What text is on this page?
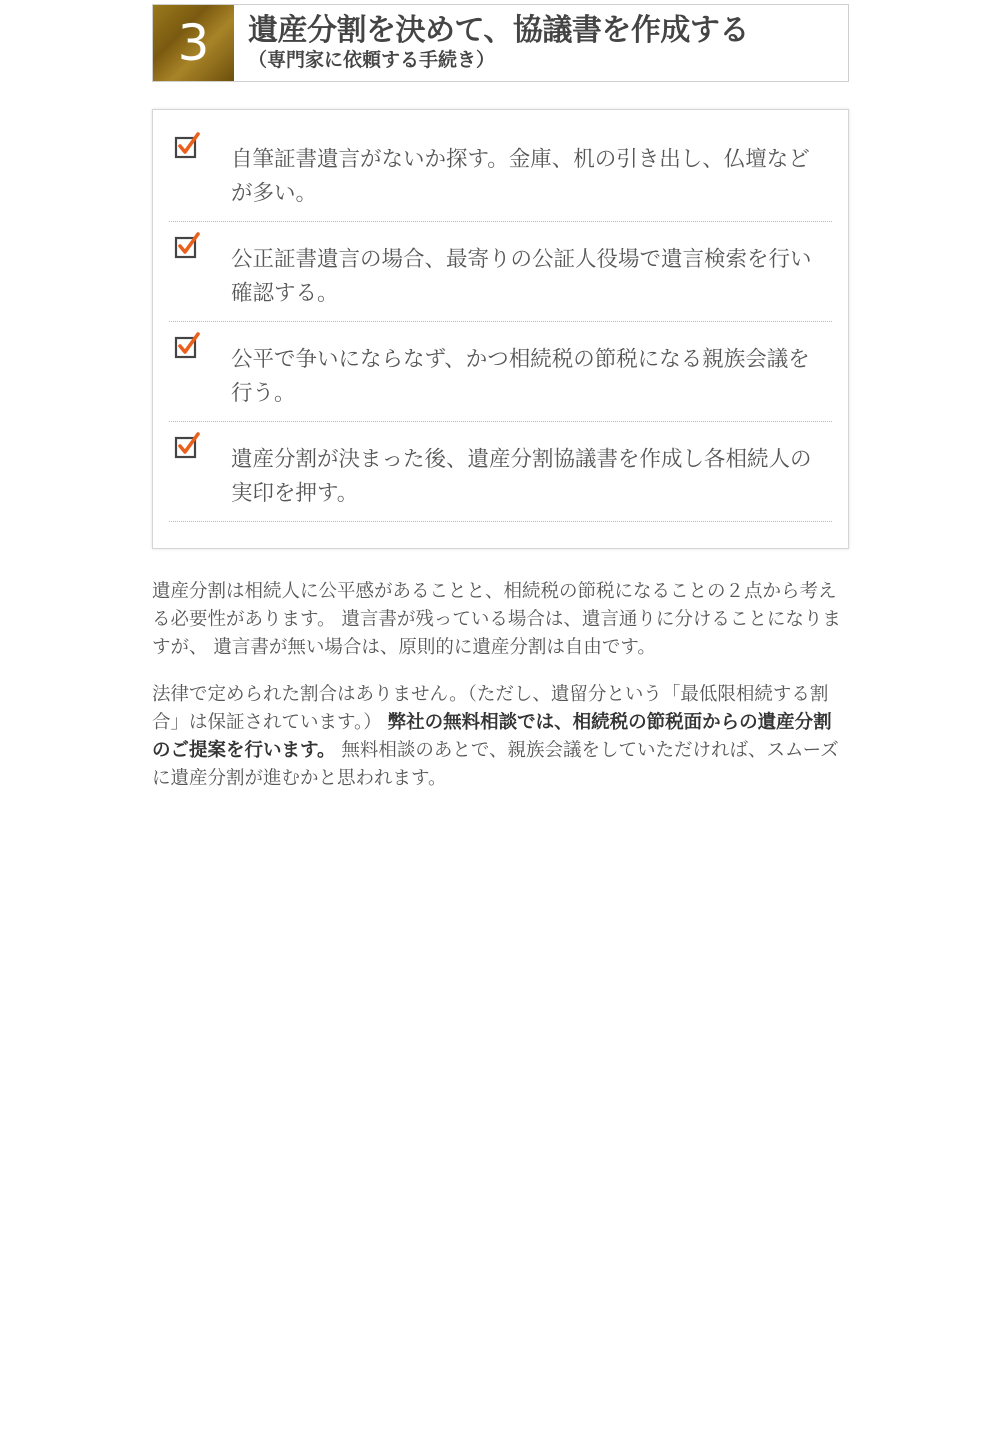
3	遺産分割を決めて、協議書を作成する
（専門家に依頼する手続き）
自筆証書遺言がないか探す。金庫、机の引き出し、仏壇などが多い。
公正証書遺言の場合、最寄りの公証人役場で遺言検索を行い確認する。
公平で争いにならなず、かつ相続税の節税になる親族会議を行う。
遺産分割が決まった後、遺産分割協議書を作成し各相続人の実印を押す。

遺産分割は相続人に公平感があることと、相続税の節税になることの２点から考える必要性があります。 遺言書が残っている場合は、遺言通りに分けることになりますが、 遺言書が無い場合は、原則的に遺産分割は自由です。

法律で定められた割合はありません。（ただし、遺留分という「最低限相続する割合」は保証されています。） 弊社の無料相談では、相続税の節税面からの遺産分割のご提案を行います。 無料相談のあとで、親族会議をしていただければ、スムーズに遺産分割が進むかと思われます。
